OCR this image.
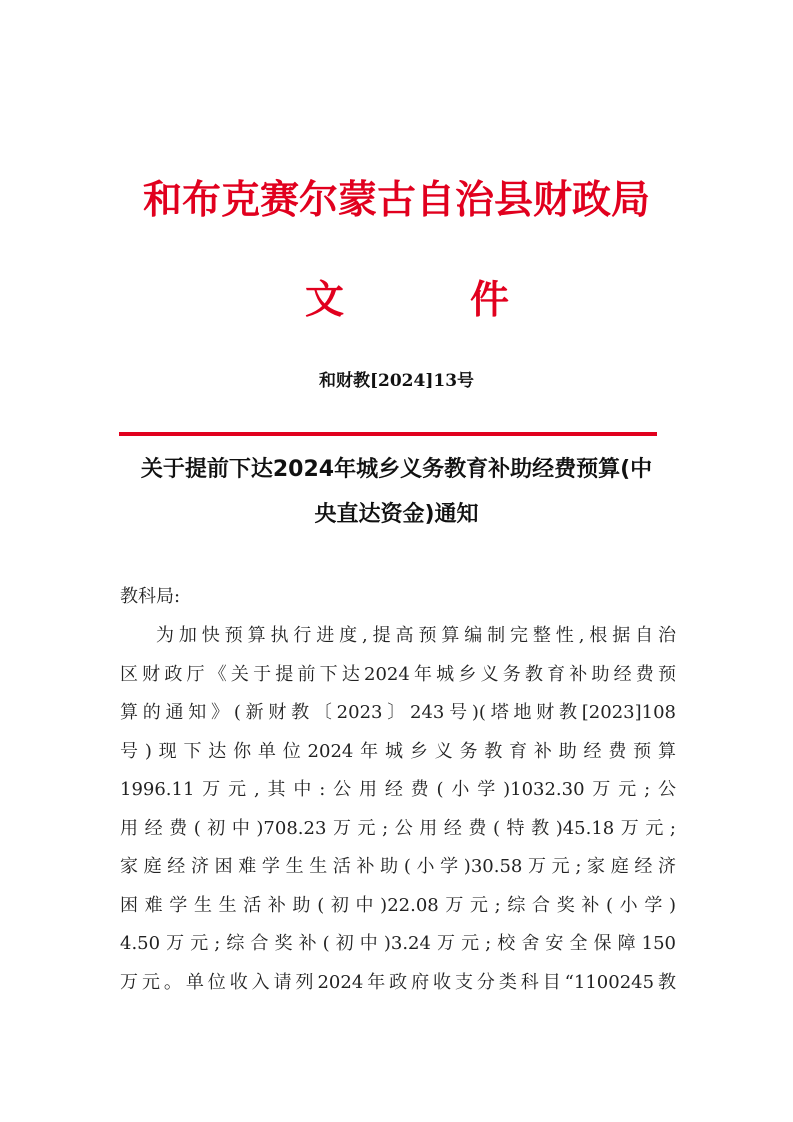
和布克赛尔蒙古自治县财政局
文	件
和财教[2024]13号
关于提前下达2024年城乡义务教育补助经费预算(中
央直达资金)通知
教科局:
为加快预算执行进度,提高预算编制完整性,根据自治
区财政厅《关于提前下达2024年城乡义务教育补助经费预
算的通知》(新财教〔2023〕243号)(塔地财教[2023]108
号)现下达你单位2024年城乡义务教育补助经费预算
1996.11万元,其中:公用经费(小学)1032.30万元;公
用经费(初中)708.23万元;公用经费(特教)45.18万元;
家庭经济困难学生生活补助(小学)30.58万元;家庭经济
困难学生生活补助(初中)22.08万元;综合奖补(小学)
4.50万元;综合奖补(初中)3.24万元;校舍安全保障150
万元。单位收入请列2024年政府收支分类科目“1100245教
